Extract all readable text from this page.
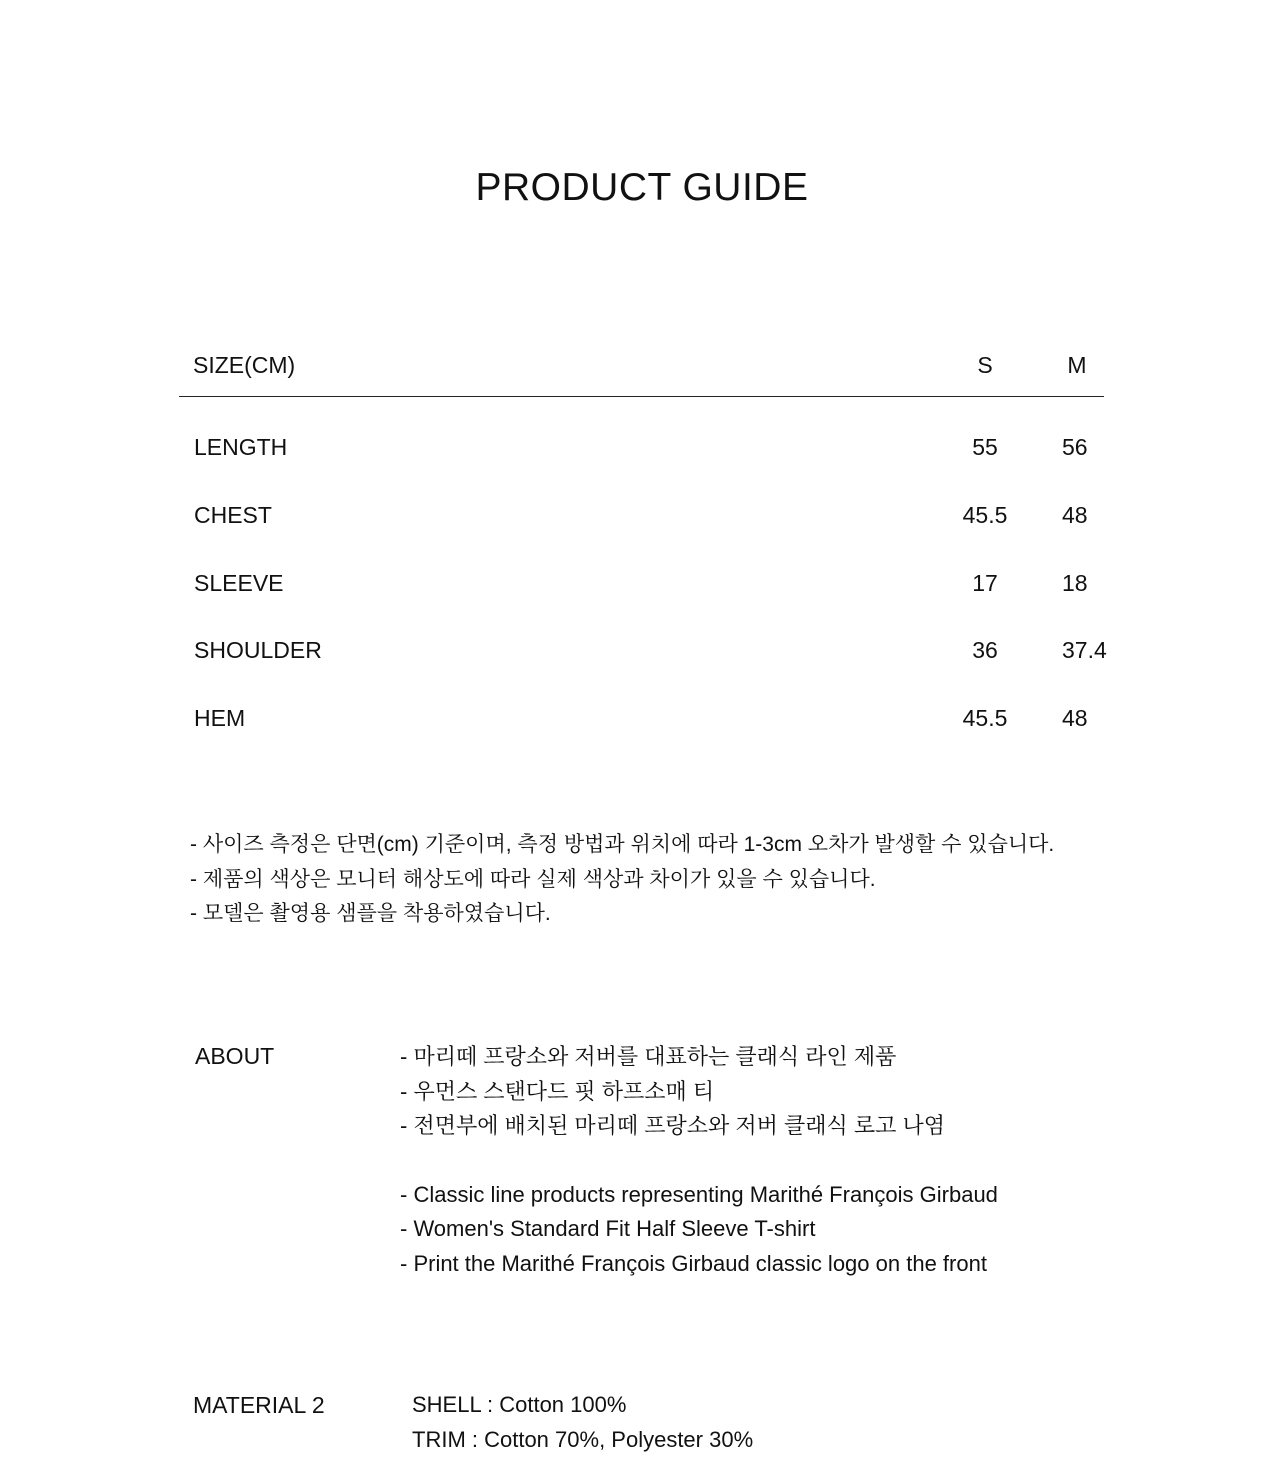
PRODUCT GUIDE
SIZE(CM)	S	M
LENGTH	55	56
CHEST	45.5	48
SLEEVE	17	18
SHOULDER	36	37.4
HEM	45.5	48
- 사이즈 측정은 단면(cm) 기준이며, 측정 방법과 위치에 따라 1-3cm 오차가 발생할 수 있습니다.
- 제품의 색상은 모니터 해상도에 따라 실제 색상과 차이가 있을 수 있습니다.
- 모델은 촬영용 샘플을 착용하였습니다.
ABOUT	- 마리떼 프랑소와 저버를 대표하는 클래식 라인 제품
- 우먼스 스탠다드 핏 하프소매 티
- 전면부에 배치된 마리떼 프랑소와 저버 클래식 로고 나염
- Classic line products representing Marithé François Girbaud
- Women's Standard Fit Half Sleeve T-shirt
- Print the Marithé François Girbaud classic logo on the front
MATERIAL 2	SHELL : Cotton 100%
TRIM : Cotton 70%, Polyester 30%
